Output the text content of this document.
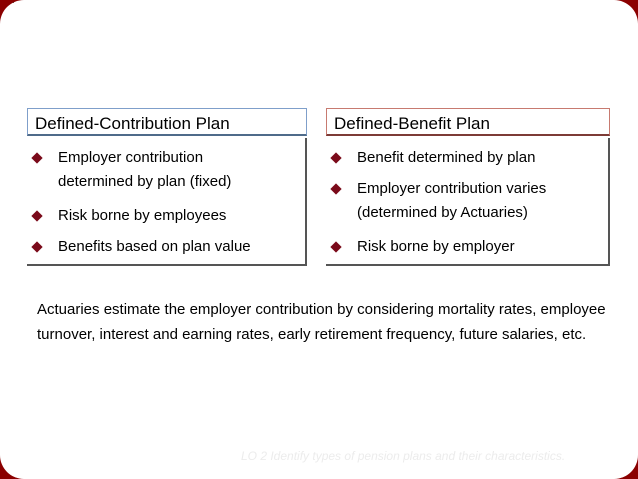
Defined-Contribution Plan
Employer contribution determined by plan (fixed)
Risk borne by employees
Benefits based on plan value
Defined-Benefit Plan
Benefit determined by plan
Employer contribution varies (determined by Actuaries)
Risk borne by employer
Actuaries estimate the employer contribution by considering mortality rates, employee turnover, interest and earning rates, early retirement frequency, future salaries, etc.
LO 2 Identify types of pension plans and their characteristics.
